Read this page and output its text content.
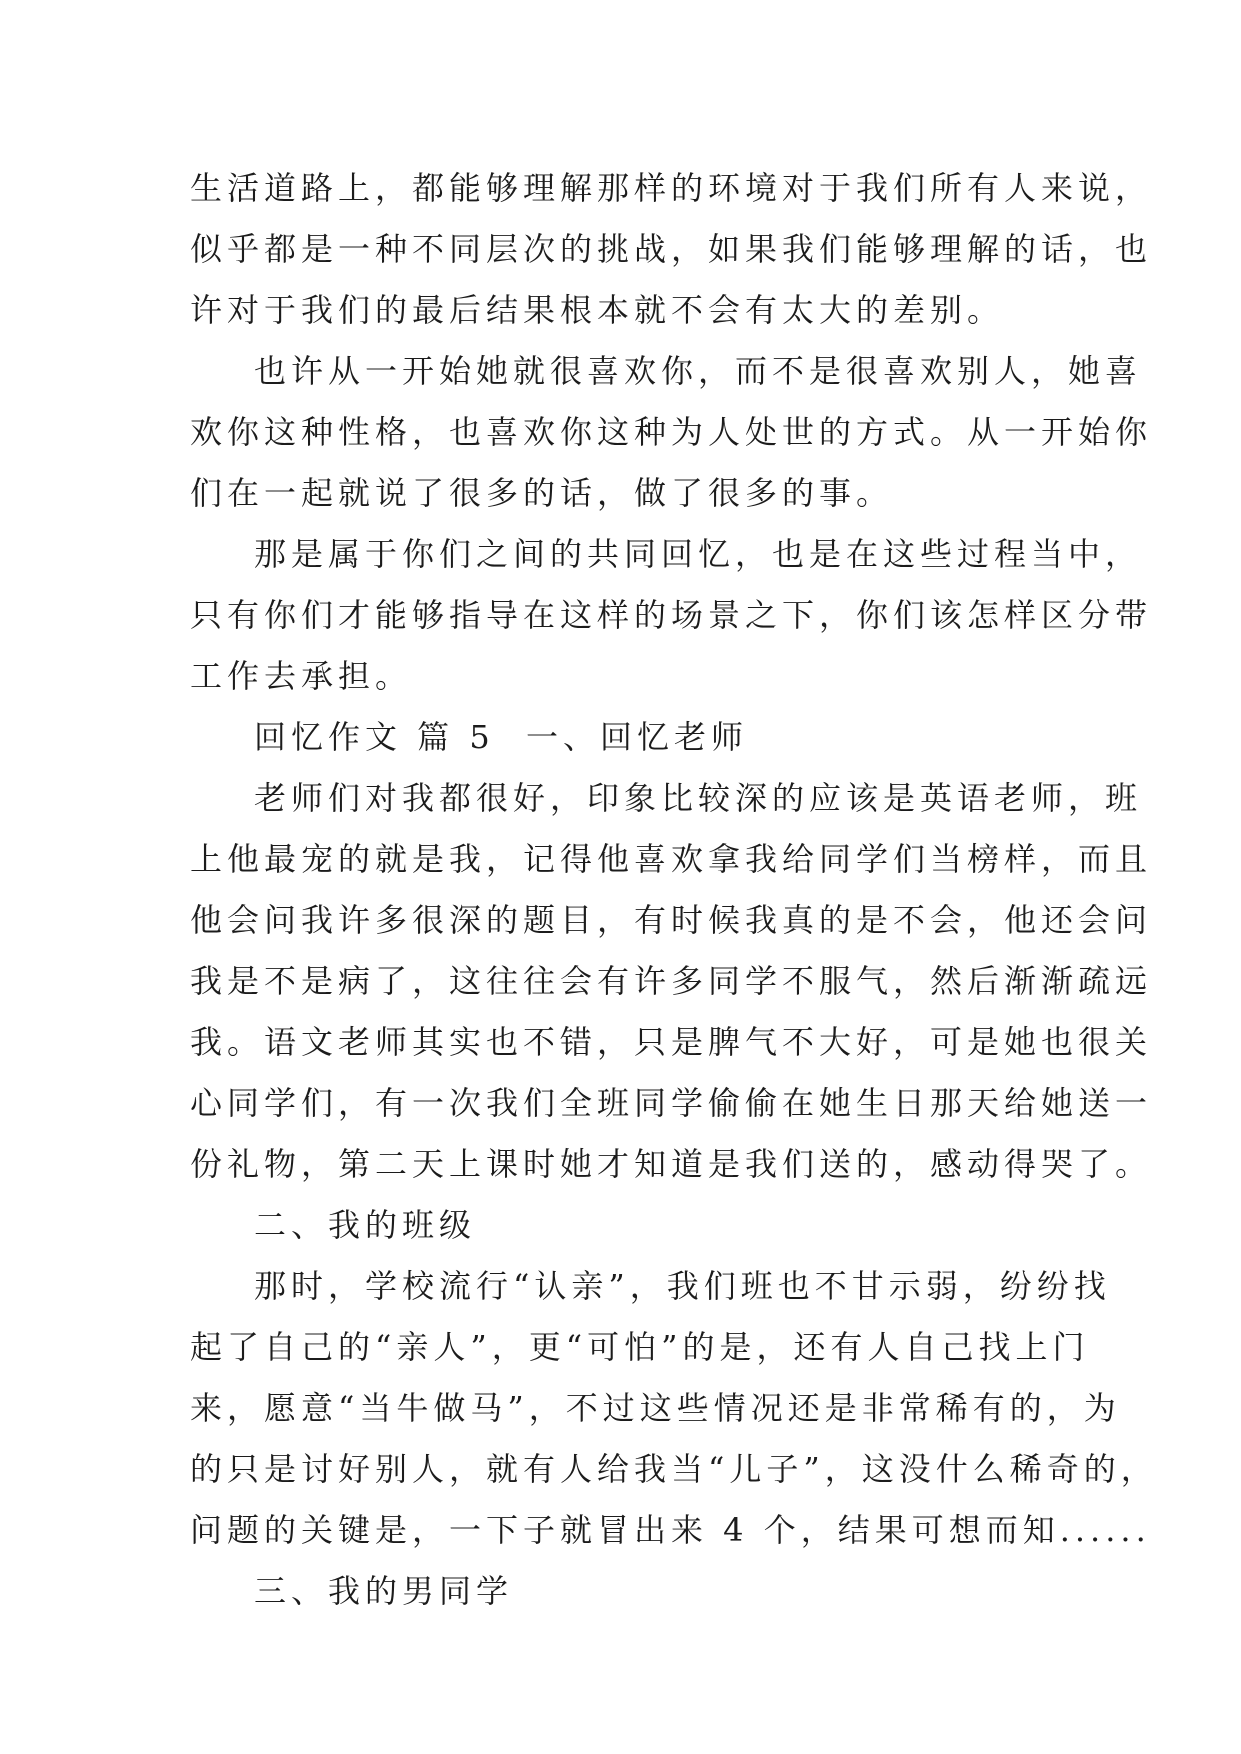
生活道路上，都能够理解那样的环境对于我们所有人来说，
似乎都是一种不同层次的挑战，如果我们能够理解的话，也
许对于我们的最后结果根本就不会有太大的差别。
也许从一开始她就很喜欢你，而不是很喜欢别人，她喜
欢你这种性格，也喜欢你这种为人处世的方式。从一开始你
们在一起就说了很多的话，做了很多的事。
那是属于你们之间的共同回忆，也是在这些过程当中，
只有你们才能够指导在这样的场景之下，你们该怎样区分带
工作去承担。
回忆作文 篇 5 一、回忆老师
老师们对我都很好，印象比较深的应该是英语老师，班
上他最宠的就是我，记得他喜欢拿我给同学们当榜样，而且
他会问我许多很深的题目，有时候我真的是不会，他还会问
我是不是病了，这往往会有许多同学不服气，然后渐渐疏远
我。语文老师其实也不错，只是脾气不大好，可是她也很关
心同学们，有一次我们全班同学偷偷在她生日那天给她送一
份礼物，第二天上课时她才知道是我们送的，感动得哭了。
二、我的班级
那时，学校流行“认亲”，我们班也不甘示弱，纷纷找
起了自己的“亲人”，更“可怕”的是，还有人自己找上门
来，愿意“当牛做马”，不过这些情况还是非常稀有的，为
的只是讨好别人，就有人给我当“儿子”，这没什么稀奇的，
问题的关键是，一下子就冒出来 4 个，结果可想而知......
三、我的男同学
